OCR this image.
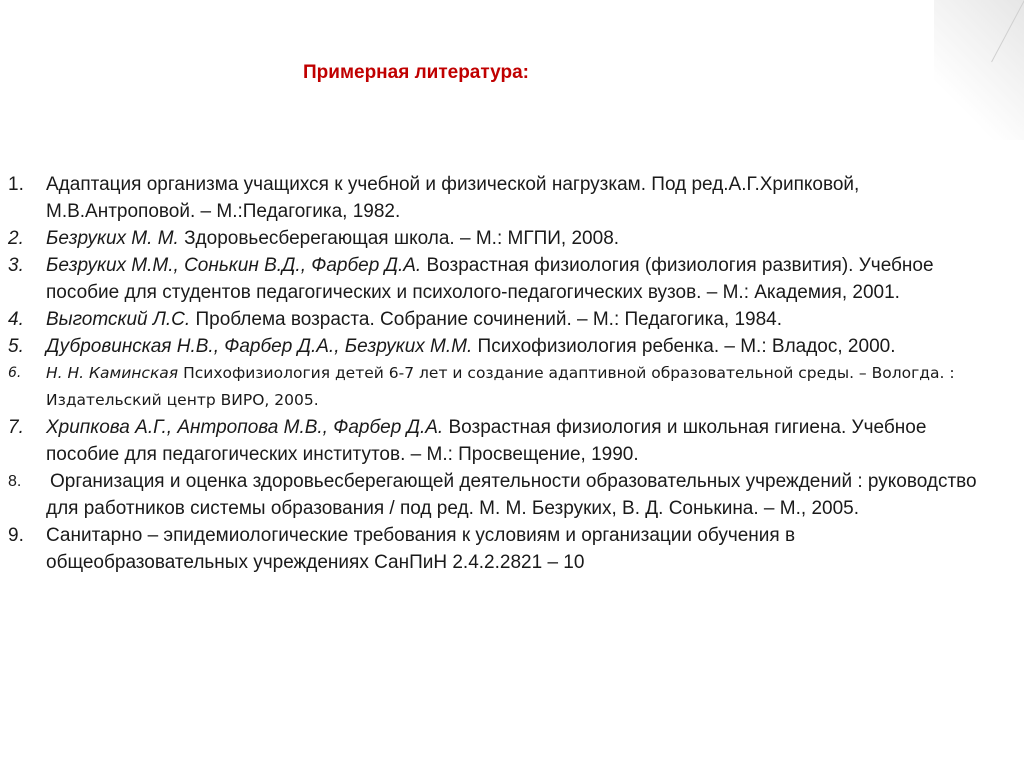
Примерная литература:
1. Адаптация организма учащихся к учебной и физической нагрузкам. Под ред.А.Г.Хрипковой, М.В.Антроповой. – М.:Педагогика, 1982.
2. Безруких М. М. Здоровьесберегающая школа. – М.: МГПИ, 2008.
3. Безруких М.М., Сонькин В.Д., Фарбер Д.А. Возрастная физиология (физиология развития). Учебное пособие для студентов педагогических и психолого-педагогических вузов. – М.: Академия, 2001.
4. Выготский Л.С. Проблема возраста. Собрание сочинений. – М.: Педагогика, 1984.
5. Дубровинская Н.В., Фарбер Д.А., Безруких М.М. Психофизиология ребенка. – М.: Владос, 2000.
6. Н. Н. Каминская Психофизиология детей 6-7 лет и создание адаптивной образовательной среды. – Вологда. : Издательский центр ВИРО, 2005.
7. Хрипкова А.Г., Антропова М.В., Фарбер Д.А. Возрастная физиология и школьная гигиена. Учебное пособие для педагогических институтов. – М.: Просвещение, 1990.
8. Организация и оценка здоровьесберегающей деятельности образовательных учреждений : руководство для работников системы образования / под ред. М. М. Безруких, В. Д. Сонькина. – М., 2005.
9. Санитарно – эпидемиологические требования к условиям и организации обучения в общеобразовательных учреждениях СанПиН 2.4.2.2821 – 10
